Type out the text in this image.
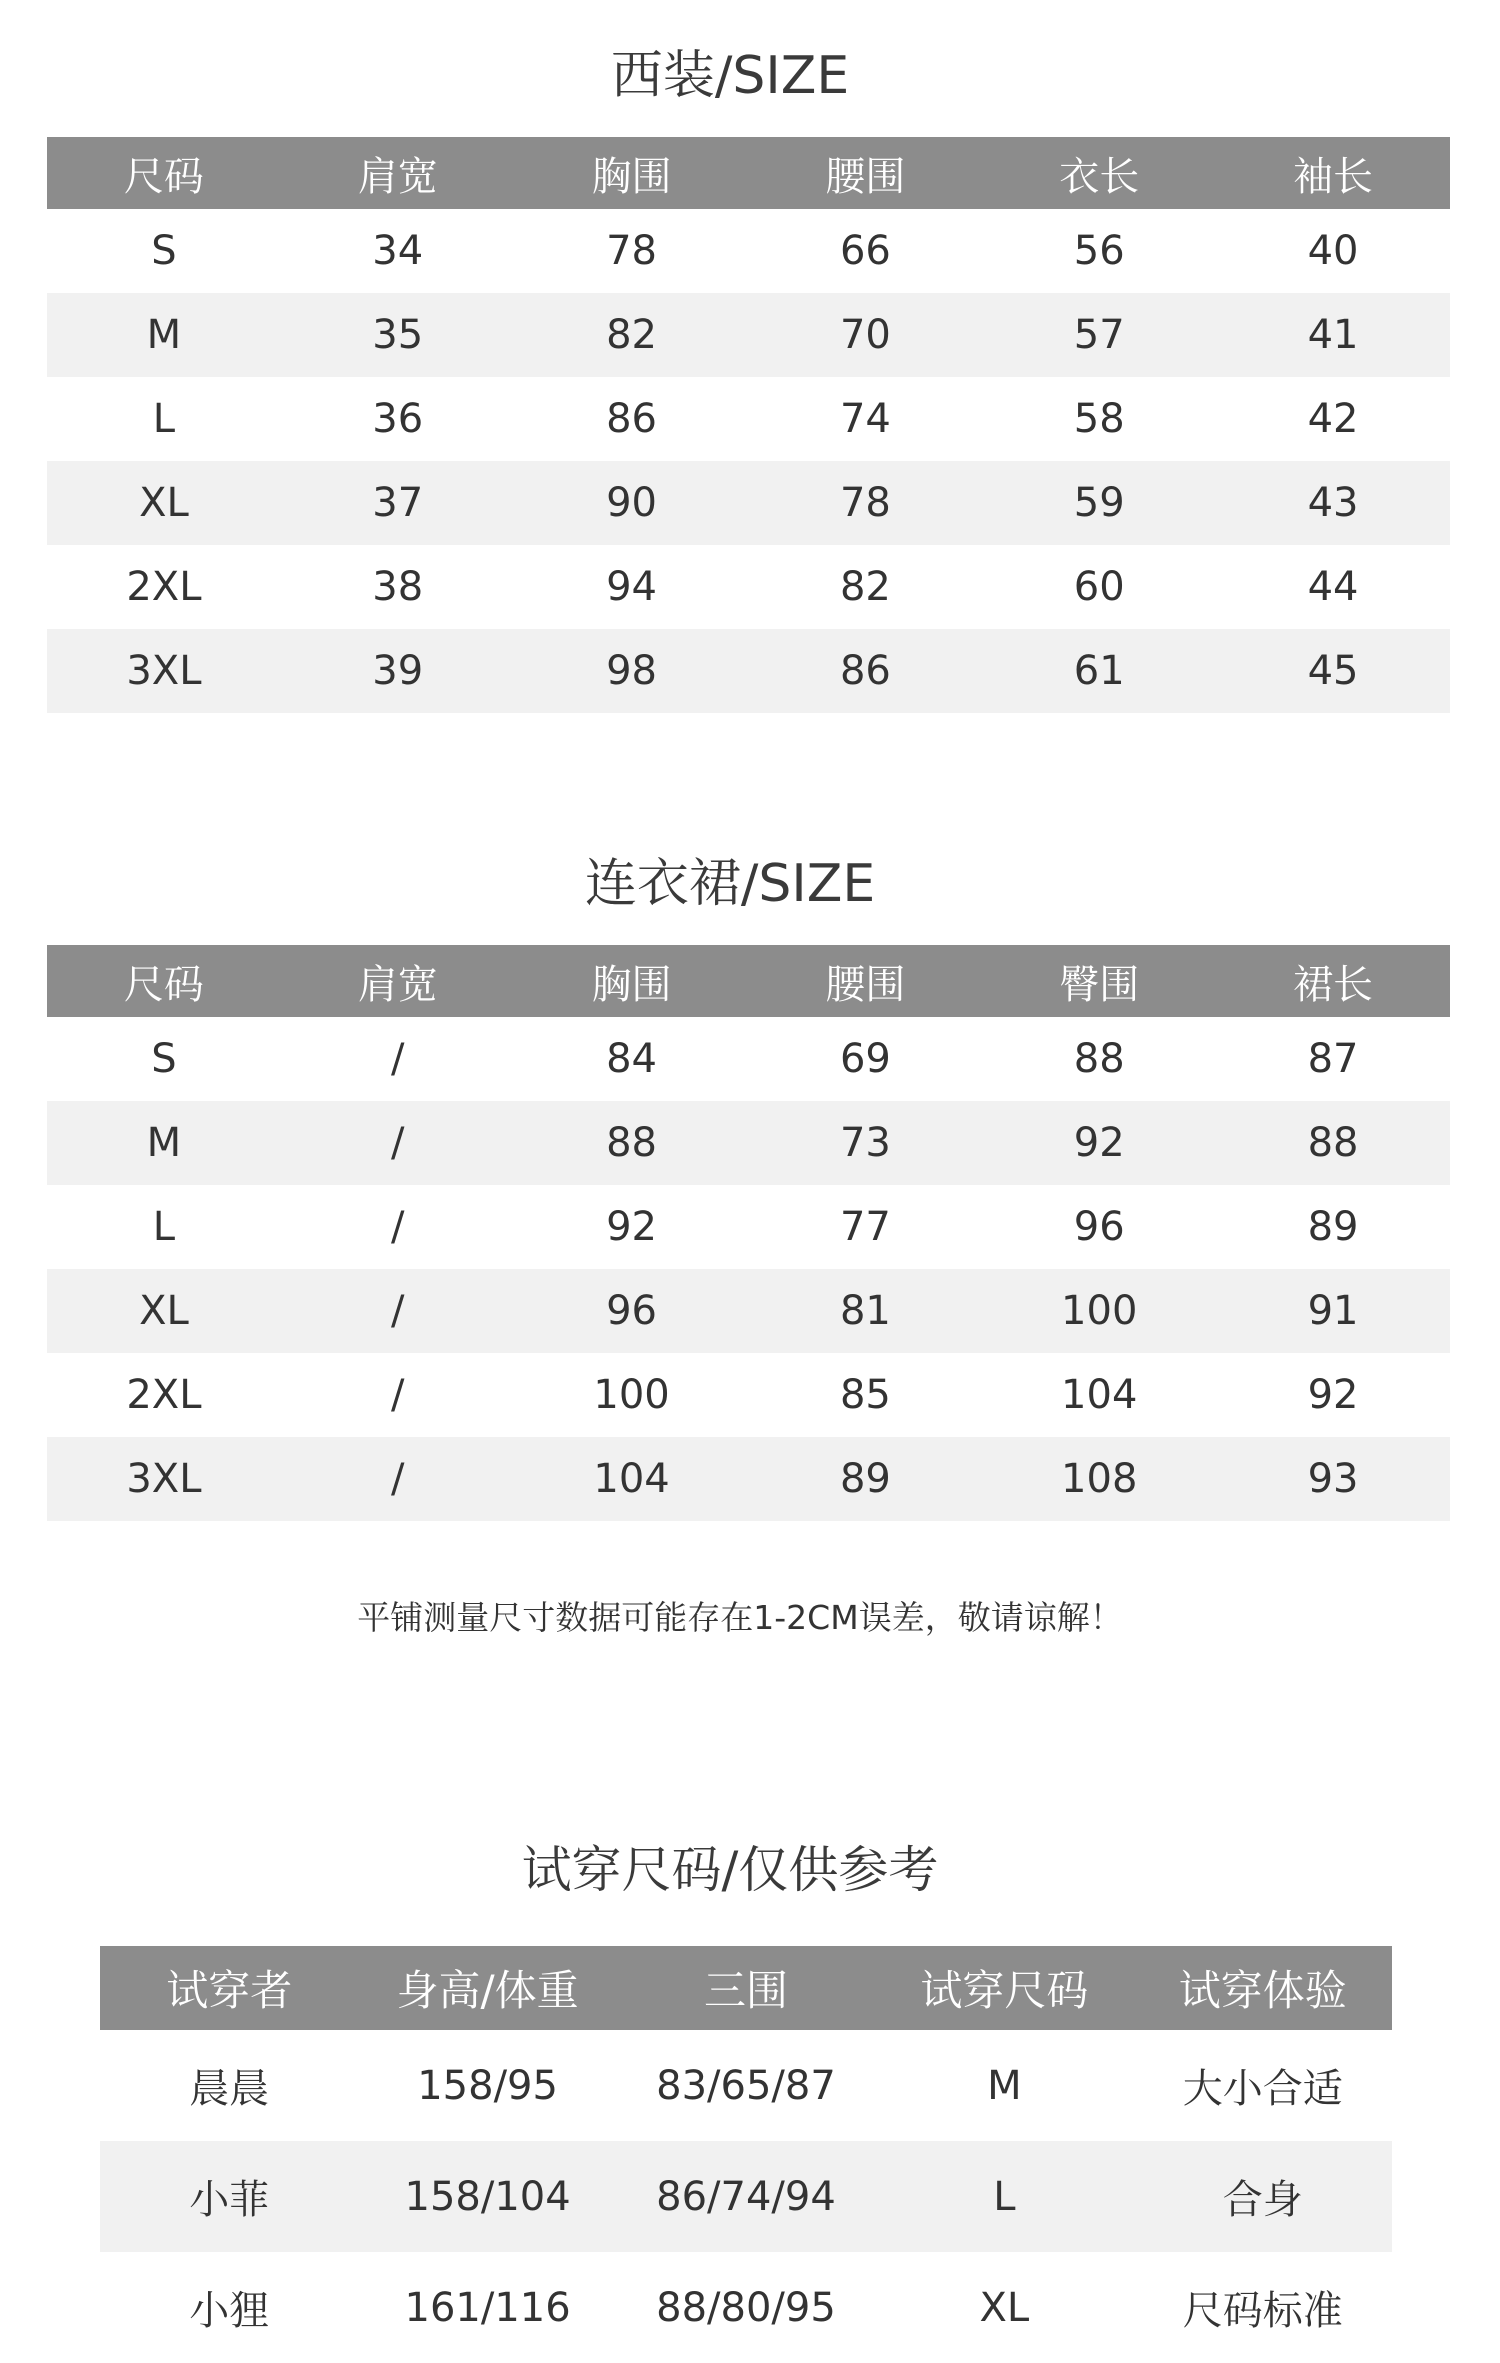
西装/SIZE
尺码	肩宽	胸围	腰围	衣长	袖长
S	34	78	66	56	40
M	35	82	70	57	41
L	36	86	74	58	42
XL	37	90	78	59	43
2XL	38	94	82	60	44
3XL	39	98	86	61	45
连衣裙/SIZE
尺码	肩宽	胸围	腰围	臀围	裙长
S	/	84	69	88	87
M	/	88	73	92	88
L	/	92	77	96	89
XL	/	96	81	100	91
2XL	/	100	85	104	92
3XL	/	104	89	108	93
平铺测量尺寸数据可能存在1-2CM误差，敬请谅解！
试穿尺码/仅供参考
试穿者	身高/体重	三围	试穿尺码	试穿体验
晨晨	158/95	83/65/87	M	大小合适
小菲	158/104	86/74/94	L	合身
小狸	161/116	88/80/95	XL	尺码标准
